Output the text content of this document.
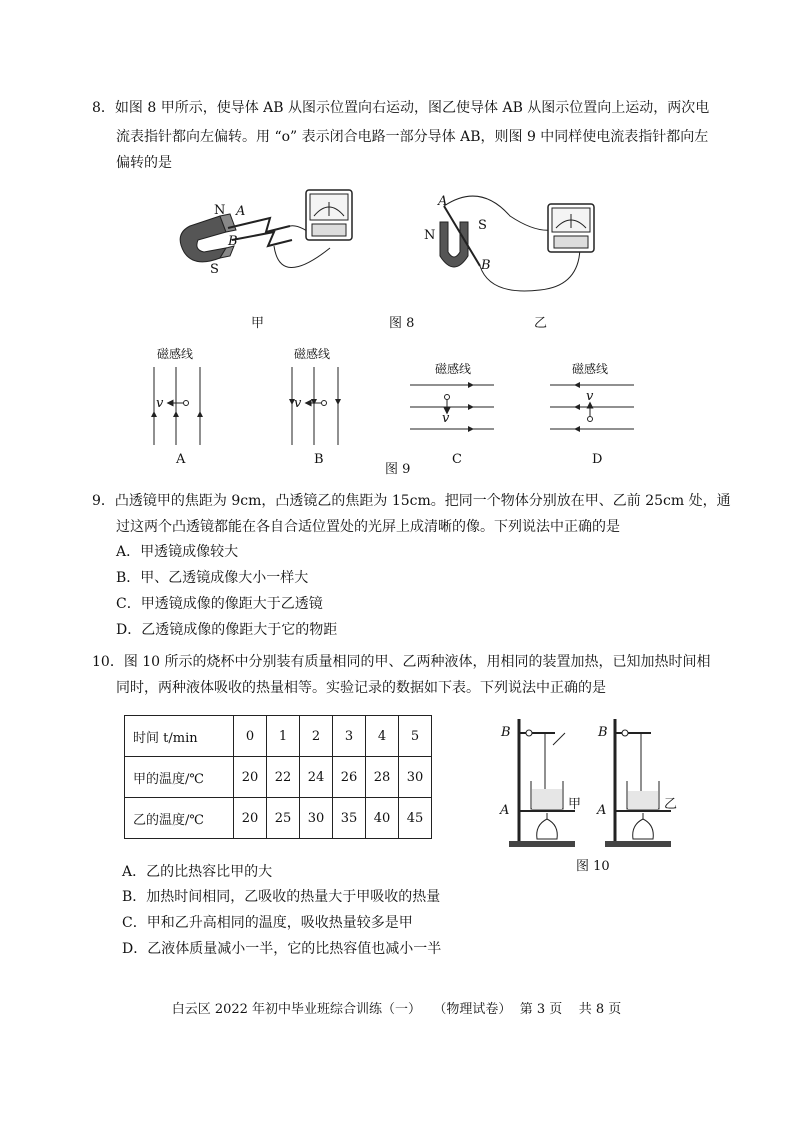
8．如图 8 甲所示，使导体 AB 从图示位置向右运动，图乙使导体 AB 从图示位置向上运动，两次电
流表指针都向左偏转。用 “o” 表示闭合电路一部分导体 AB，则图 9 中同样使电流表指针都向左
偏转的是
N A
B
S
N
A
S
B
甲	图 8	乙
磁感线	磁感线
磁感线	磁感线
v	v
v
v
A	B
图 9
C	D
9．凸透镜甲的焦距为 9cm，凸透镜乙的焦距为 15cm。把同一个物体分别放在甲、乙前 25cm 处，通
过这两个凸透镜都能在各自合适位置处的光屏上成清晰的像。下列说法中正确的是
A．甲透镜成像较大
B．甲、乙透镜成像大小一样大
C．甲透镜成像的像距大于乙透镜
D．乙透镜成像的像距大于它的物距
10．图 10 所示的烧杯中分别装有质量相同的甲、乙两种液体，用相同的装置加热，已知加热时间相
同时，两种液体吸收的热量相等。实验记录的数据如下表。下列说法中正确的是
时间 t/min	0	1	2	3	4	5
甲的温度/℃	20	22	24	26	28	30
乙的温度/℃	20	25	30	35	40	45
B	B
A	A
甲	乙
图 10
A．乙的比热容比甲的大
B．加热时间相同，乙吸收的热量大于甲吸收的热量
C．甲和乙升高相同的温度，吸收热量较多是甲
D．乙液体质量减小一半，它的比热容值也减小一半
白云区 2022 年初中毕业班综合训练（一）   （物理试卷）  第 3 页    共 8 页
